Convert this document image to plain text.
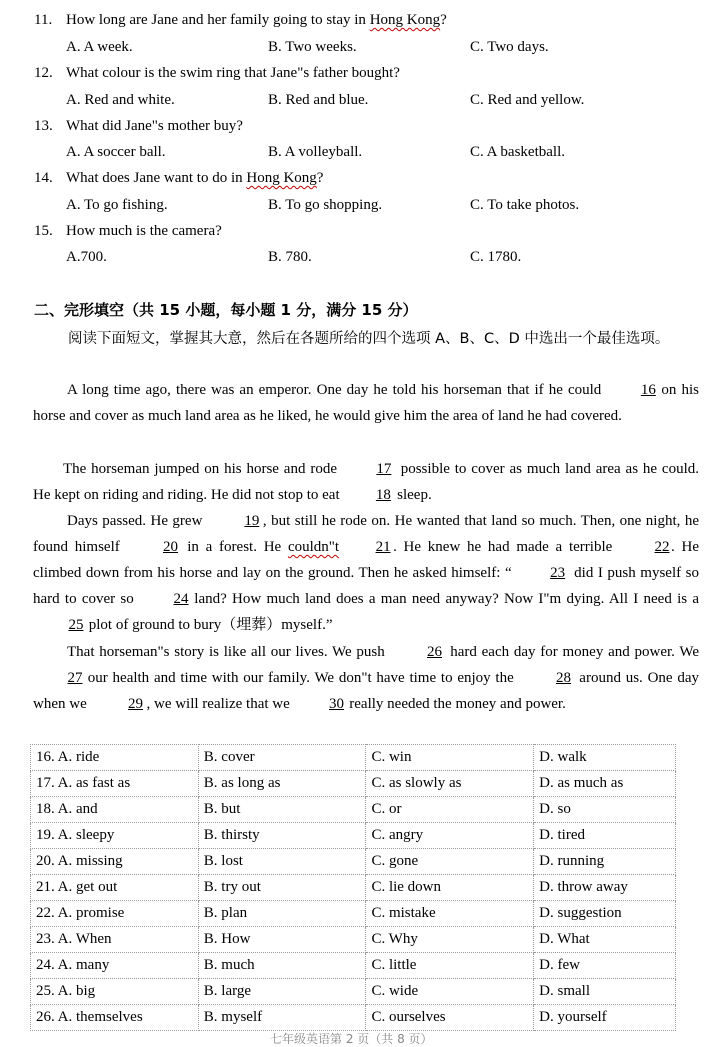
11. How long are Jane and her family going to stay in Hong Kong?
A. A week.	B. Two weeks.	C. Two days.
12. What colour is the swim ring that Jane"s father bought?
A. Red and white.	B. Red and blue.	C. Red and yellow.
13. What did Jane"s mother buy?
A. A soccer ball.	B. A volleyball.	C. A basketball.
14. What does Jane want to do in Hong Kong?
A. To go fishing.	B. To go shopping.	C. To take photos.
15. How much is the camera?
A.700.	B. 780.	C. 1780.
二、完形填空（共 15 小题，每小题 1 分，满分 15 分）
阅读下面短文，掌握其大意，然后在各题所给的四个选项 A、B、C、D 中选出一个最佳选项。
A long time ago, there was an emperor. One day he told his horseman that if he could 16 on his horse and cover as much land area as he liked, he would give him the area of land he had covered.
The horseman jumped on his horse and rode 17 possible to cover as much land area as he could. He kept on riding and riding. He did not stop to eat 18 sleep.
Days passed. He grew	19 , but still he rode on. He wanted that land so much. Then, one night, he found himself 20 in a forest. He couldn"t 21 . He knew he had made a terrible 22 . He climbed down from his horse and lay on the ground. Then he asked himself: “	23 did I push myself so hard to cover so 24 land? How much land does a man need anyway? Now I"m dying. All I need is a 25 plot of ground to bury（埋葬）myself.”
That horseman"s story is like all our lives. We push	26 hard each day for money and power. We 27 our health and time with our family. We don"t have time to enjoy the	28 around us. One day when we	29 , we will realize that we 30 really needed the money and power.
16. A. ride	B. cover	C. win	D. walk
17. A. as fast as	B. as long as	C. as slowly as	D. as much as
18. A. and	B. but	C. or	D. so
19. A. sleepy	B. thirsty	C. angry	D. tired
20. A. missing	B. lost	C. gone	D. running
21. A. get out	B. try out	C. lie down	D. throw away
22. A. promise	B. plan	C. mistake	D. suggestion
23. A. When	B. How	C. Why	D. What
24. A. many	B. much	C. little	D. few
25. A. big	B. large	C. wide	D. small
26. A. themselves	B. myself	C. ourselves	D. yourself
七年级英语第 2 页（共 8 页）
